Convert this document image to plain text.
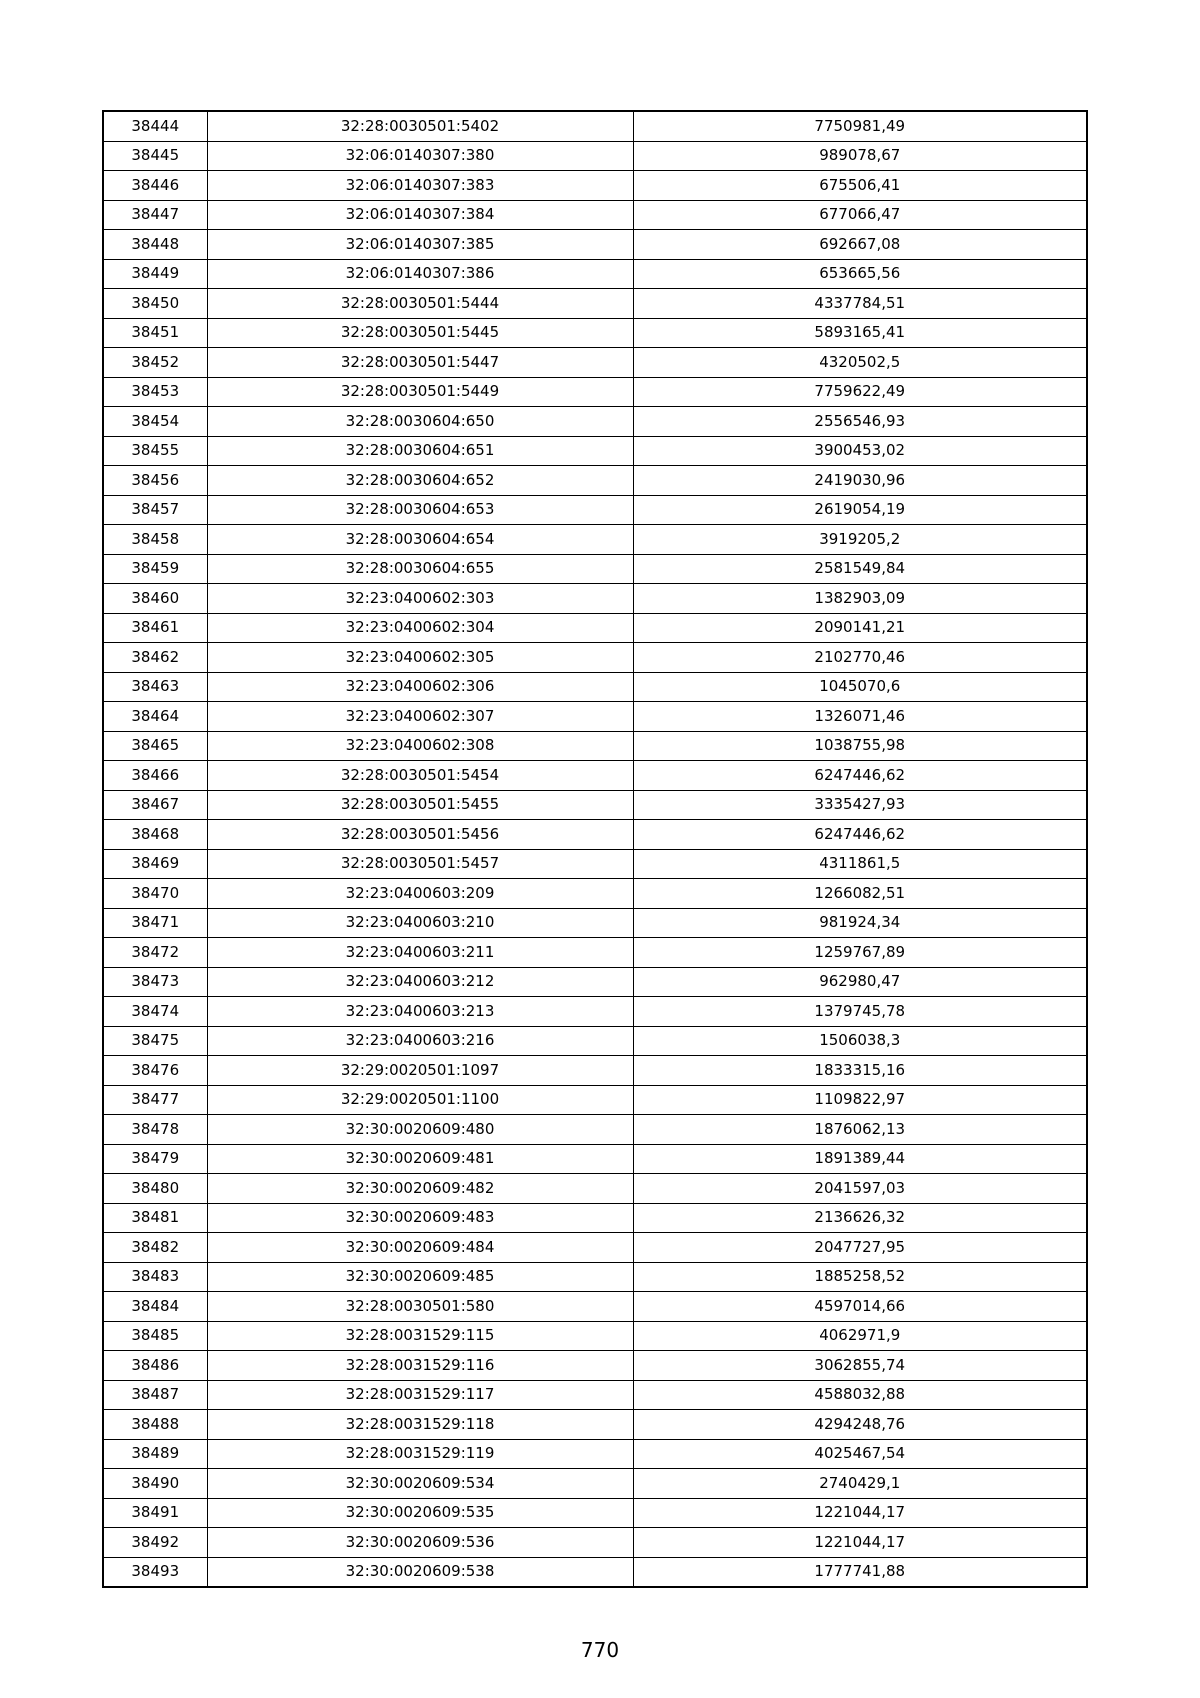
38444	32:28:0030501:5402	7750981,49
38445	32:06:0140307:380	989078,67
38446	32:06:0140307:383	675506,41
38447	32:06:0140307:384	677066,47
38448	32:06:0140307:385	692667,08
38449	32:06:0140307:386	653665,56
38450	32:28:0030501:5444	4337784,51
38451	32:28:0030501:5445	5893165,41
38452	32:28:0030501:5447	4320502,5
38453	32:28:0030501:5449	7759622,49
38454	32:28:0030604:650	2556546,93
38455	32:28:0030604:651	3900453,02
38456	32:28:0030604:652	2419030,96
38457	32:28:0030604:653	2619054,19
38458	32:28:0030604:654	3919205,2
38459	32:28:0030604:655	2581549,84
38460	32:23:0400602:303	1382903,09
38461	32:23:0400602:304	2090141,21
38462	32:23:0400602:305	2102770,46
38463	32:23:0400602:306	1045070,6
38464	32:23:0400602:307	1326071,46
38465	32:23:0400602:308	1038755,98
38466	32:28:0030501:5454	6247446,62
38467	32:28:0030501:5455	3335427,93
38468	32:28:0030501:5456	6247446,62
38469	32:28:0030501:5457	4311861,5
38470	32:23:0400603:209	1266082,51
38471	32:23:0400603:210	981924,34
38472	32:23:0400603:211	1259767,89
38473	32:23:0400603:212	962980,47
38474	32:23:0400603:213	1379745,78
38475	32:23:0400603:216	1506038,3
38476	32:29:0020501:1097	1833315,16
38477	32:29:0020501:1100	1109822,97
38478	32:30:0020609:480	1876062,13
38479	32:30:0020609:481	1891389,44
38480	32:30:0020609:482	2041597,03
38481	32:30:0020609:483	2136626,32
38482	32:30:0020609:484	2047727,95
38483	32:30:0020609:485	1885258,52
38484	32:28:0030501:580	4597014,66
38485	32:28:0031529:115	4062971,9
38486	32:28:0031529:116	3062855,74
38487	32:28:0031529:117	4588032,88
38488	32:28:0031529:118	4294248,76
38489	32:28:0031529:119	4025467,54
38490	32:30:0020609:534	2740429,1
38491	32:30:0020609:535	1221044,17
38492	32:30:0020609:536	1221044,17
38493	32:30:0020609:538	1777741,88
770
